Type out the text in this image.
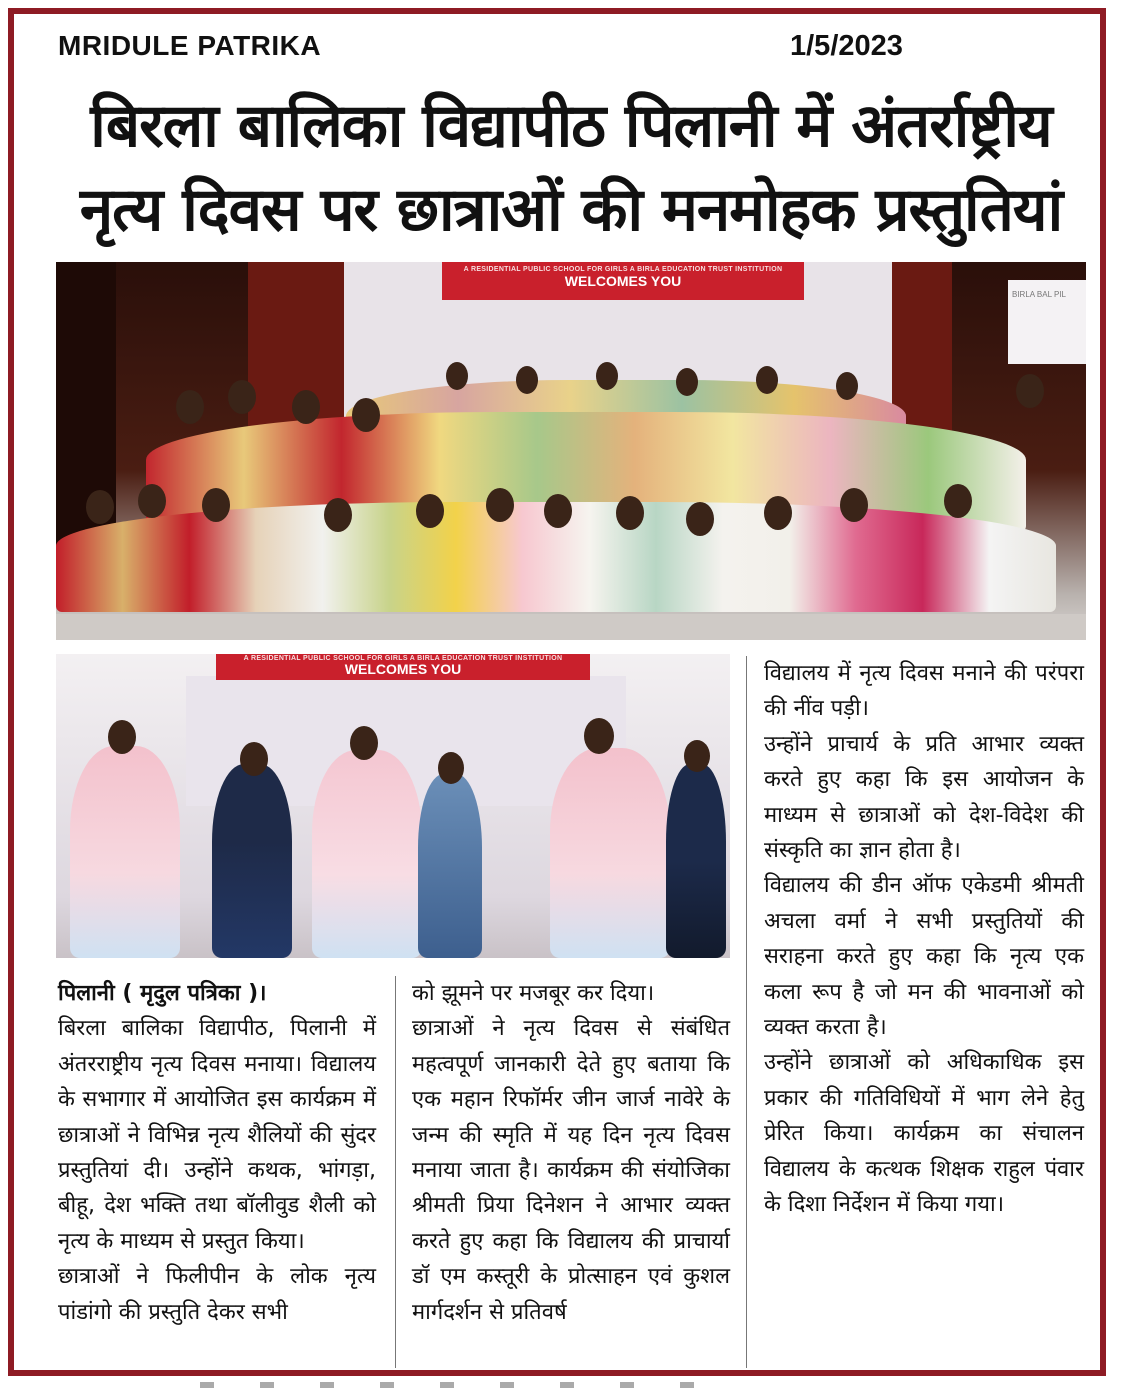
MRIDULE PATRIKA	1/5/2023
बिरला बालिका विद्यापीठ पिलानी में अंतर्राष्ट्रीय
नृत्य दिवस पर छात्राओं की मनमोहक प्रस्तुतियां
BIRLA BAL PIL
A RESIDENTIAL PUBLIC SCHOOL FOR GIRLS A BIRLA EDUCATION TRUST INSTITUTION
WELCOMES YOU
A RESIDENTIAL PUBLIC SCHOOL FOR GIRLS A BIRLA EDUCATION TRUST INSTITUTION
WELCOMES YOU
पिलानी ( मृदुल पत्रिका )।
बिरला बालिका विद्यापीठ, पिलानी में अंतरराष्ट्रीय नृत्य दिवस मनाया। विद्यालय के सभागार में आयोजित इस कार्यक्रम में छात्राओं ने विभिन्न नृत्य शैलियों की सुंदर प्रस्तुतियां दी। उन्होंने कथक, भांगड़ा, बीहू, देश भक्ति तथा बॉलीवुड शैली को नृत्य के माध्यम से प्रस्तुत किया।
छात्राओं ने फिलीपीन के लोक नृत्य पांडांगो की प्रस्तुति देकर सभी
को झूमने पर मजबूर कर दिया।
छात्राओं ने नृत्य दिवस से संबंधित महत्वपूर्ण जानकारी देते हुए बताया कि एक महान रिफॉर्मर जीन जार्ज नावेरे के जन्म की स्मृति में यह दिन नृत्य दिवस मनाया जाता है। कार्यक्रम की संयोजिका श्रीमती प्रिया दिनेशन ने आभार व्यक्त करते हुए कहा कि विद्यालय की प्राचार्या डॉ एम कस्तूरी के प्रोत्साहन एवं कुशल मार्गदर्शन से प्रतिवर्ष
विद्यालय में नृत्य दिवस मनाने की परंपरा की नींव पड़ी।
उन्होंने प्राचार्य के प्रति आभार व्यक्त करते हुए कहा कि इस आयोजन के माध्यम से छात्राओं को देश-विदेश की संस्कृति का ज्ञान होता है।
विद्यालय की डीन ऑफ एकेडमी श्रीमती अचला वर्मा ने सभी प्रस्तुतियों की सराहना करते हुए कहा कि नृत्य एक कला रूप है जो मन की भावनाओं को व्यक्त करता है।
उन्होंने छात्राओं को अधिकाधिक इस प्रकार की गतिविधियों में भाग लेने हेतु प्रेरित किया। कार्यक्रम का संचालन विद्यालय के कत्थक शिक्षक राहुल पंवार के दिशा निर्देशन में किया गया।
